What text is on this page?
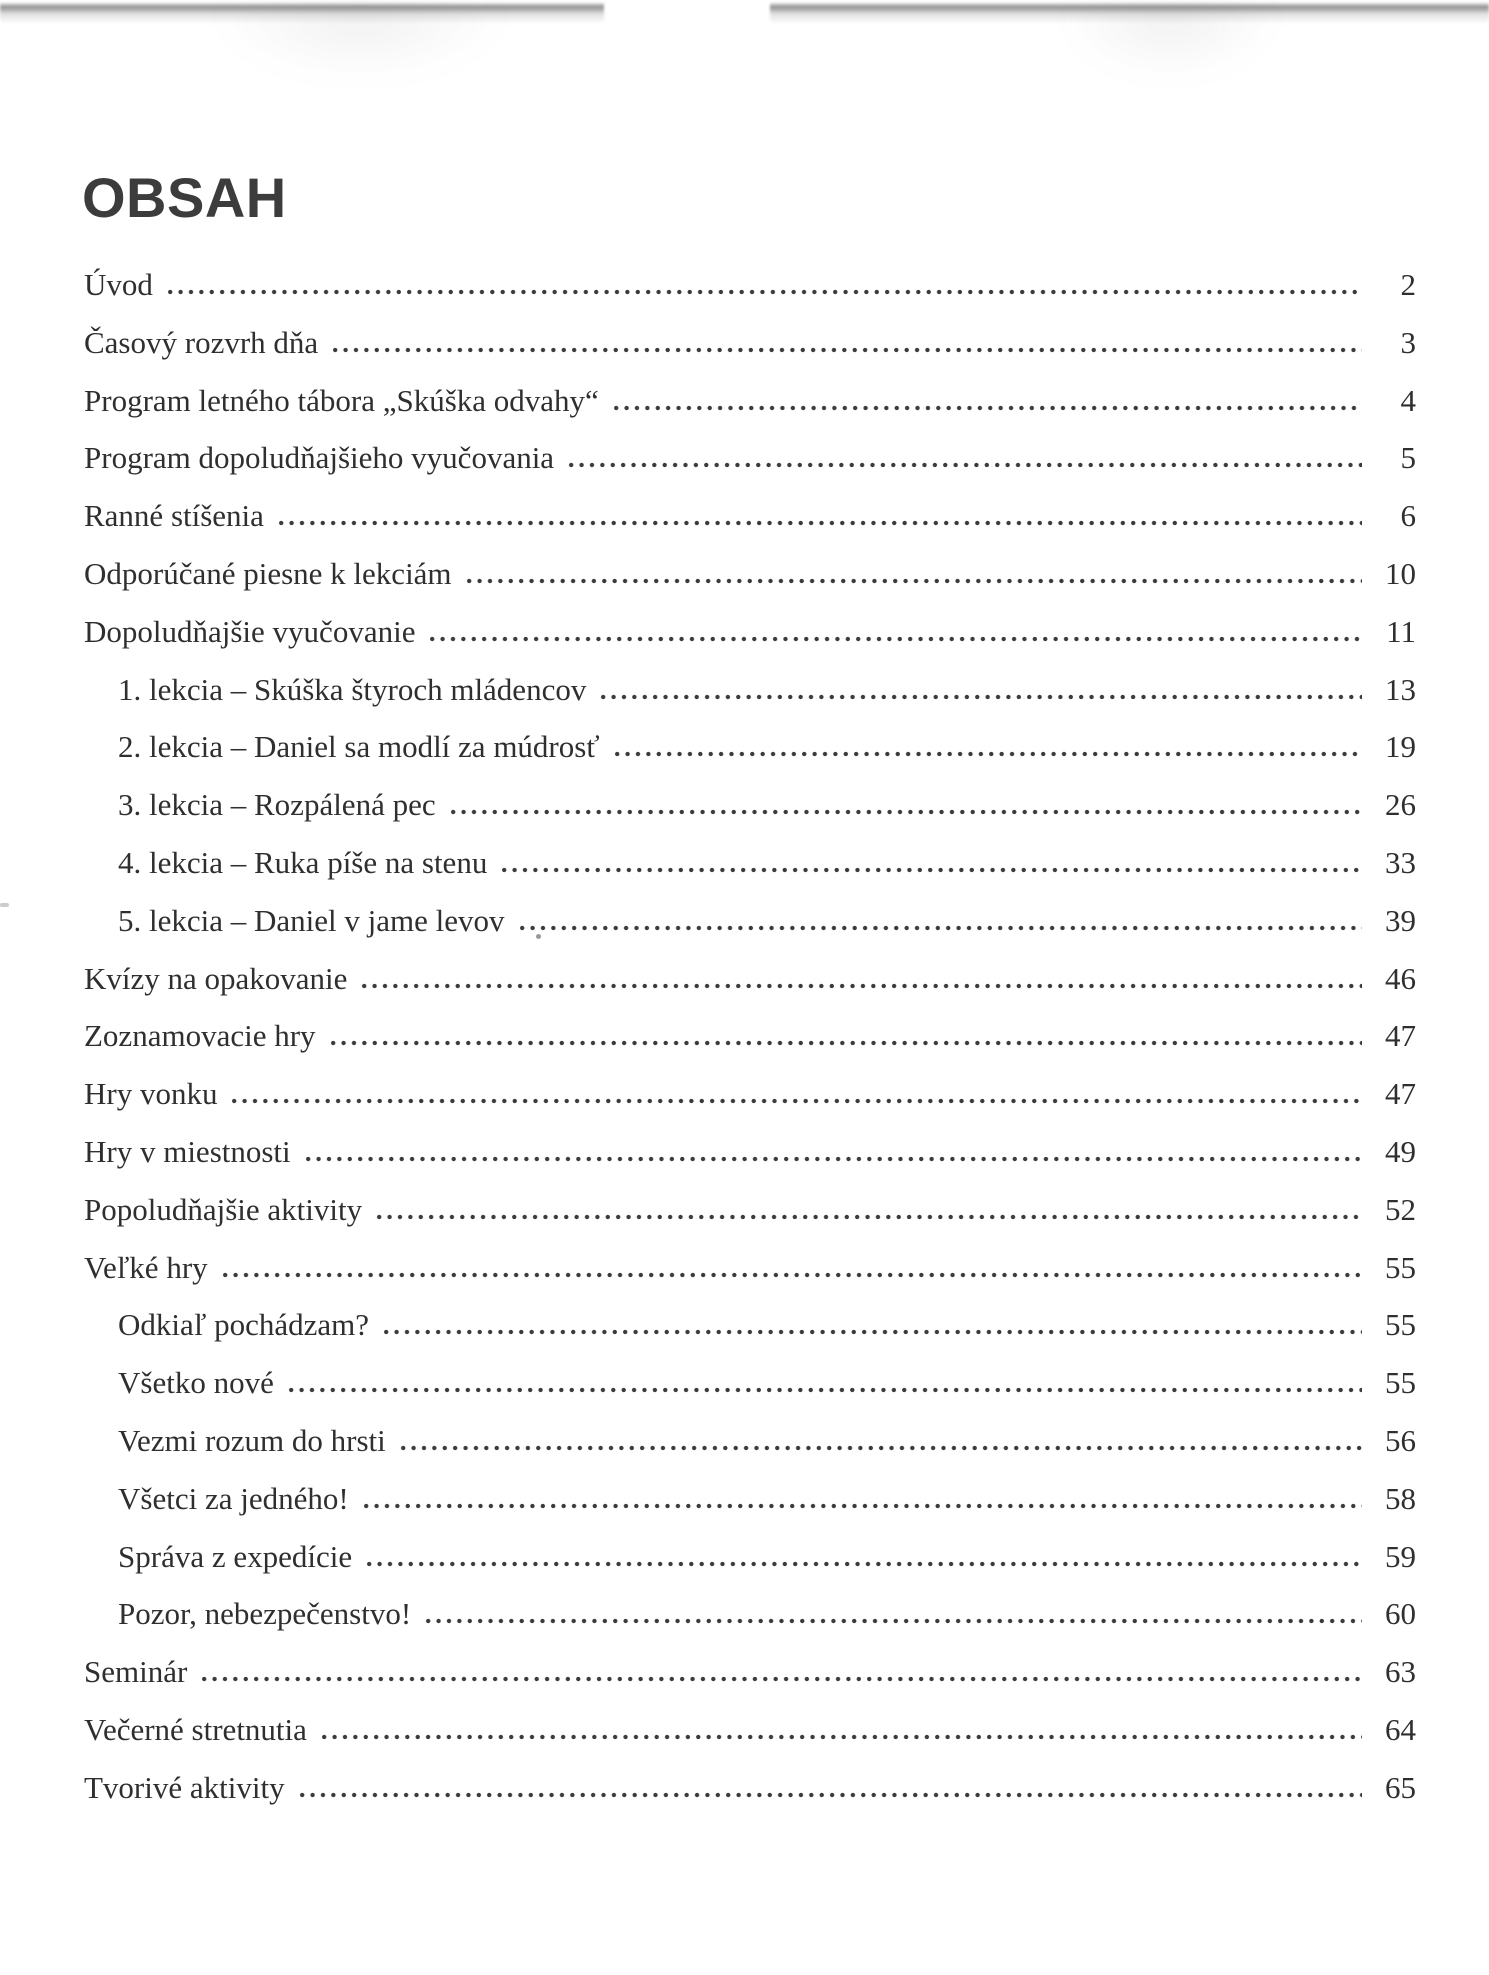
OBSAH
Úvod	2
Časový rozvrh dňa	3
Program letného tábora „Skúška odvahy“	4
Program dopoludňajšieho vyučovania	5
Ranné stíšenia	6
Odporúčané piesne k lekciám	10
Dopoludňajšie vyučovanie	11
1. lekcia – Skúška štyroch mládencov	13
2. lekcia – Daniel sa modlí za múdrosť	19
3. lekcia – Rozpálená pec	26
4. lekcia – Ruka píše na stenu	33
5. lekcia – Daniel v jame levov	39
Kvízy na opakovanie	46
Zoznamovacie hry	47
Hry vonku	47
Hry v miestnosti	49
Popoludňajšie aktivity	52
Veľké hry	55
Odkiaľ pochádzam?	55
Všetko nové	55
Vezmi rozum do hrsti	56
Všetci za jedného!	58
Správa z expedície	59
Pozor, nebezpečenstvo!	60
Seminár	63
Večerné stretnutia	64
Tvorivé aktivity	65
